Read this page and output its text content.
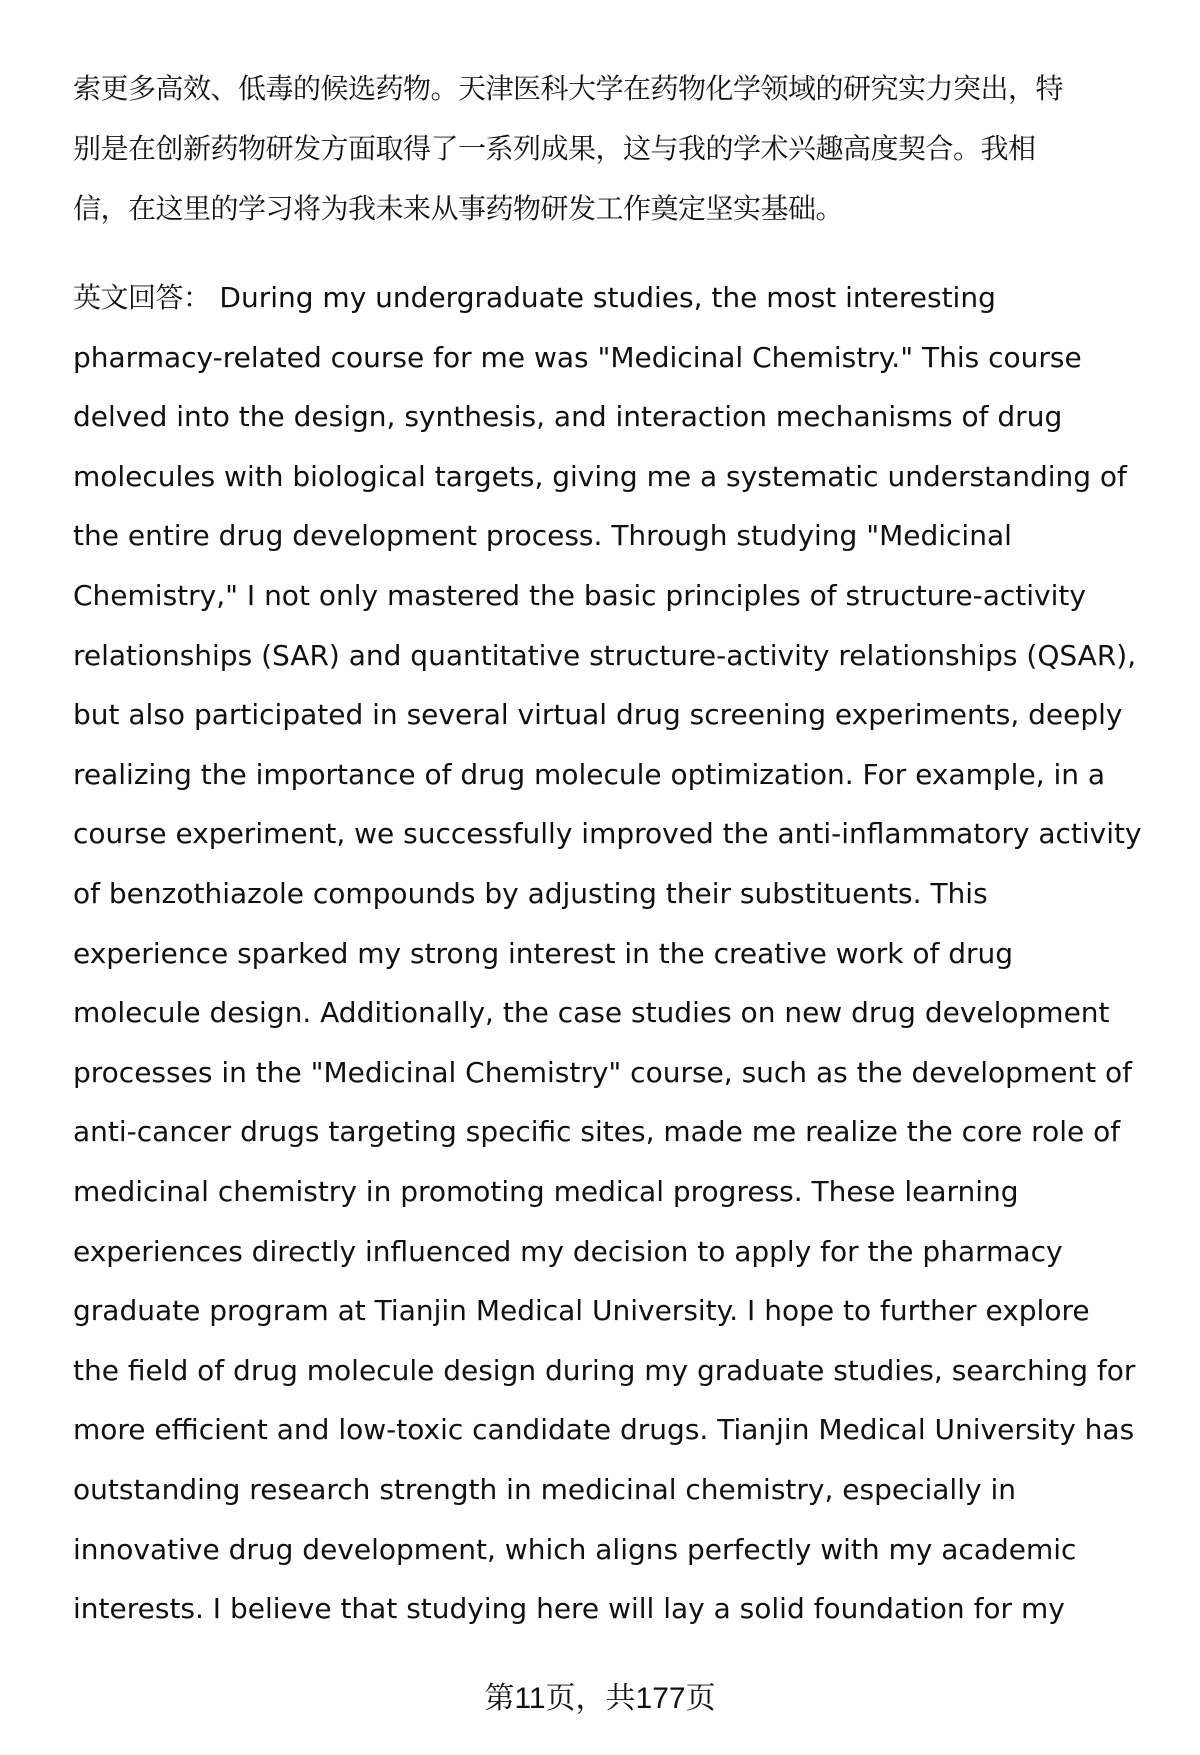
索更多高效、低毒的候选药物。天津医科大学在药物化学领域的研究实力突出，特
别是在创新药物研发方面取得了一系列成果，这与我的学术兴趣高度契合。我相
信，在这里的学习将为我未来从事药物研发工作奠定坚实基础。
英文回答： During my undergraduate studies, the most interesting
pharmacy-related course for me was "Medicinal Chemistry." This course
delved into the design, synthesis, and interaction mechanisms of drug
molecules with biological targets, giving me a systematic understanding of
the entire drug development process. Through studying "Medicinal
Chemistry," I not only mastered the basic principles of structure-activity
relationships (SAR) and quantitative structure-activity relationships (QSAR),
but also participated in several virtual drug screening experiments, deeply
realizing the importance of drug molecule optimization. For example, in a
course experiment, we successfully improved the anti-inflammatory activity
of benzothiazole compounds by adjusting their substituents. This
experience sparked my strong interest in the creative work of drug
molecule design. Additionally, the case studies on new drug development
processes in the "Medicinal Chemistry" course, such as the development of
anti-cancer drugs targeting specific sites, made me realize the core role of
medicinal chemistry in promoting medical progress. These learning
experiences directly influenced my decision to apply for the pharmacy
graduate program at Tianjin Medical University. I hope to further explore
the field of drug molecule design during my graduate studies, searching for
more efficient and low-toxic candidate drugs. Tianjin Medical University has
outstanding research strength in medicinal chemistry, especially in
innovative drug development, which aligns perfectly with my academic
interests. I believe that studying here will lay a solid foundation for my
第11页，共177页
